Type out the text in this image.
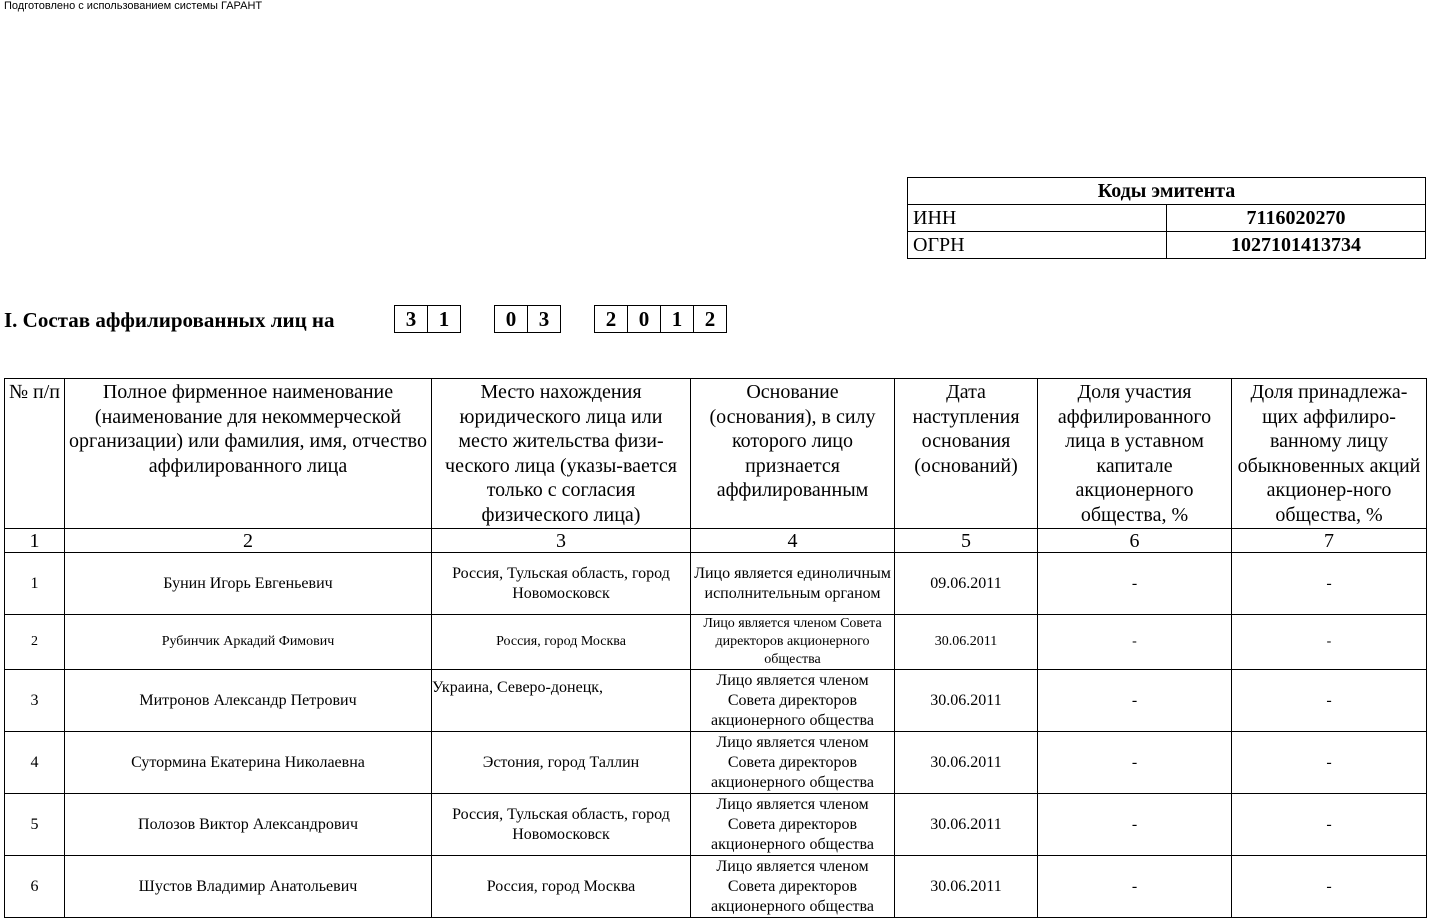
Подготовлено с использованием системы ГАРАНТ
Коды эмитента	
ИНН	7116020270
ОГРН	1027101413734
I. Состав аффилированных лиц на	3	1	0	3	2	0	1	2
№ п/п	Полное фирменное наименование (наименование для некоммерческой организации) или фамилия, имя, отчество аффилированного лица	Место нахождения юридического лица или место жительства физи-ческого лица (указы-вается только с согласия физического лица)	Основание (основания), в силу которого лицо признается аффилированным	Дата наступления основания (оснований)	Доля участия аффилированного лица в уставном капитале акционерного общества, %	Доля принадлежа-щих аффилиро-ванному лицу обыкновенных акций акционер-ного общества, %
1	2	3	4	5	6	7
1	Бунин Игорь Евгеньевич	Россия, Тульская область, город Новомосковск	Лицо является единоличным исполнительным органом	09.06.2011	-	-
2	Рубинчик Аркадий Фимович	Россия, город Москва	Лицо является членом Совета директоров акционерного общества	30.06.2011	-	-
3	Митронов Александр Петрович	Украина, Северо-донецк,	Лицо является членом Совета директоров акционерного общества	30.06.2011	-	-
4	Сутормина Екатерина Николаевна	Эстония, город Таллин	Лицо является членом Совета директоров акционерного общества	30.06.2011	-	-
5	Полозов Виктор Александрович	Россия, Тульская область, город Новомосковск	Лицо является членом Совета директоров акционерного общества	30.06.2011	-	-
6	Шустов Владимир Анатольевич	Россия, город Москва	Лицо является членом Совета директоров акционерного общества	30.06.2011	-	-
